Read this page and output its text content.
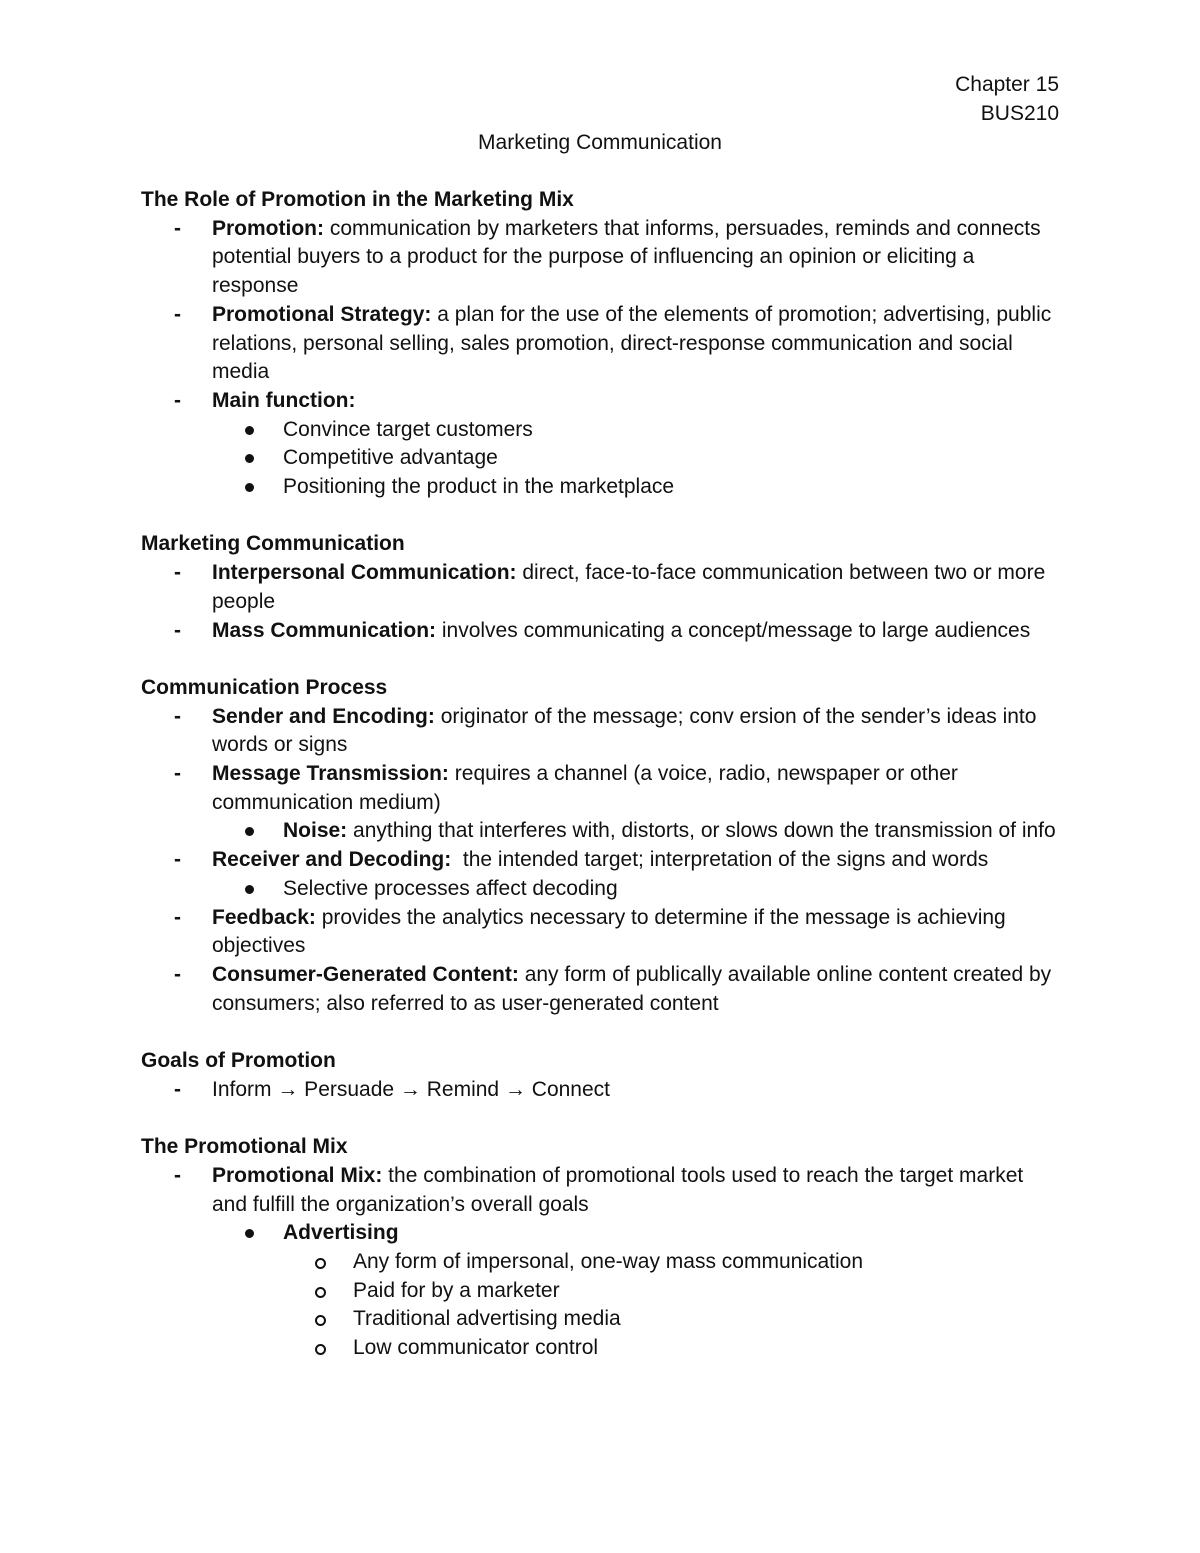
Chapter 15
BUS210
Marketing Communication

The Role of Promotion in the Marketing Mix

- Promotion: communication by marketers that informs, persuades, reminds and connects potential buyers to a product for the purpose of influencing an opinion or eliciting a response
- Promotional Strategy: a plan for the use of the elements of promotion; advertising, public relations, personal selling, sales promotion, direct-response communication and social media
- Main function:
Convince target customers
Competitive advantage
Positioning the product in the marketplace

Marketing Communication

- Interpersonal Communication: direct, face-to-face communication between two or more people
- Mass Communication: involves communicating a concept/message to large audiences

Communication Process

- Sender and Encoding: originator of the message; conv ersion of the sender’s ideas into words or signs
- Message Transmission: requires a channel (a voice, radio, newspaper or other communication medium)
Noise: anything that interferes with, distorts, or slows down the transmission of info
- Receiver and Decoding:  the intended target; interpretation of the signs and words
Selective processes affect decoding
- Feedback: provides the analytics necessary to determine if the message is achieving objectives
- Consumer-Generated Content: any form of publically available online content created by consumers; also referred to as user-generated content

Goals of Promotion

- Inform → Persuade → Remind → Connect

The Promotional Mix

- Promotional Mix: the combination of promotional tools used to reach the target market and fulfill the organization’s overall goals
Advertising
Any form of impersonal, one-way mass communication
Paid for by a marketer
Traditional advertising media
Low communicator control
